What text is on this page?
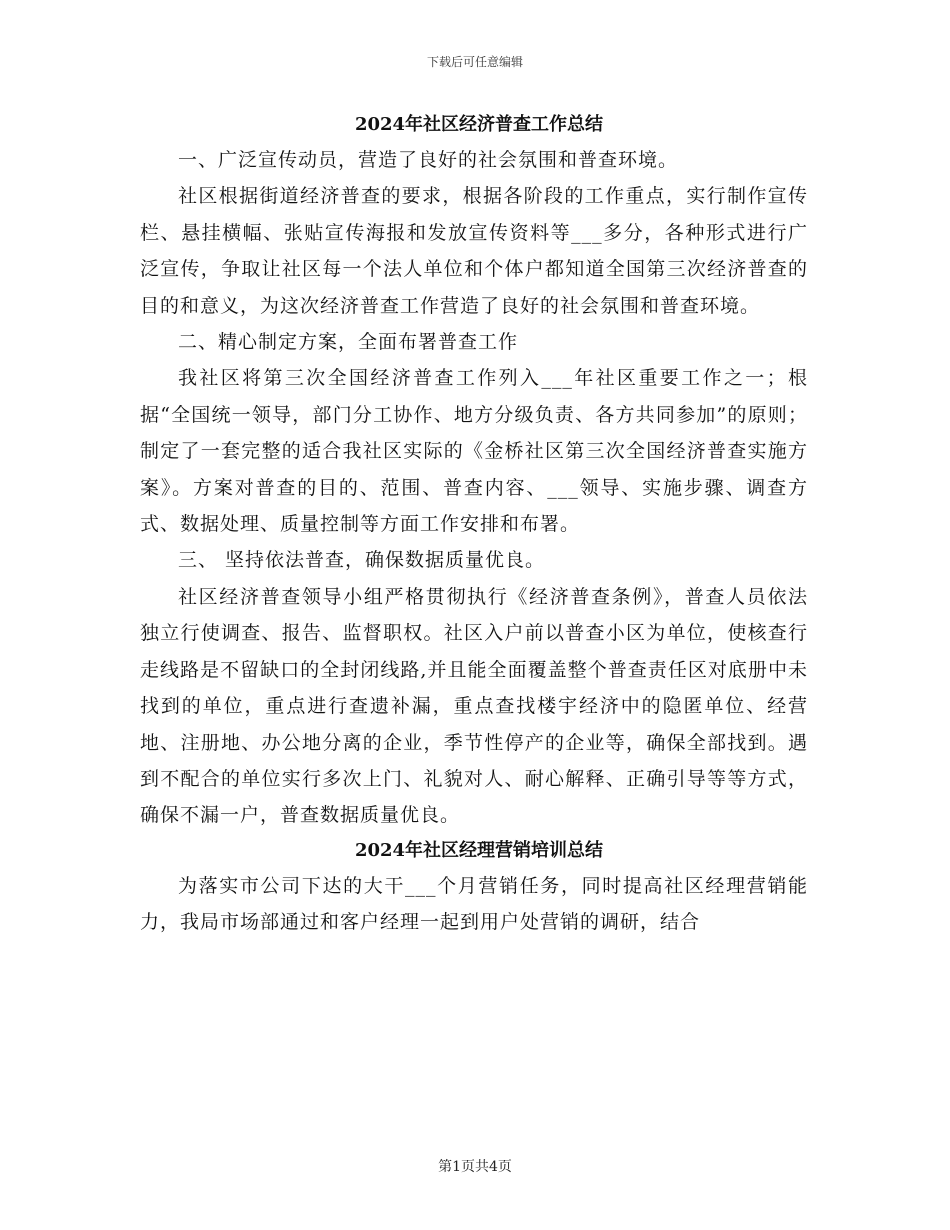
下载后可任意编辑
2024年社区经济普查工作总结

一、广泛宣传动员，营造了良好的社会氛围和普查环境。

社区根据街道经济普查的要求，根据各阶段的工作重点，实行制作宣传栏、悬挂横幅、张贴宣传海报和发放宣传资料等___多分，各种形式进行广泛宣传，争取让社区每一个法人单位和个体户都知道全国第三次经济普查的目的和意义，为这次经济普查工作营造了良好的社会氛围和普查环境。

二、精心制定方案，全面布署普查工作

我社区将第三次全国经济普查工作列入___年社区重要工作之一；根据“全国统一领导，部门分工协作、地方分级负责、各方共同参加”的原则；制定了一套完整的适合我社区实际的《金桥社区第三次全国经济普查实施方案》。方案对普查的目的、范围、普查内容、___领导、实施步骤、调查方式、数据处理、质量控制等方面工作安排和布署。

三、 坚持依法普查，确保数据质量优良。

社区经济普查领导小组严格贯彻执行《经济普查条例》，普查人员依法独立行使调查、报告、监督职权。社区入户前以普查小区为单位，使核查行走线路是不留缺口的全封闭线路,并且能全面覆盖整个普查责任区对底册中未找到的单位，重点进行查遗补漏，重点查找楼宇经济中的隐匿单位、经营地、注册地、办公地分离的企业，季节性停产的企业等，确保全部找到。遇到不配合的单位实行多次上门、礼貌对人、耐心解释、正确引导等等方式，确保不漏一户，普查数据质量优良。

2024年社区经理营销培训总结

为落实市公司下达的大干___个月营销任务，同时提高社区经理营销能力，我局市场部通过和客户经理一起到用户处营销的调研，结合

第1页共4页
